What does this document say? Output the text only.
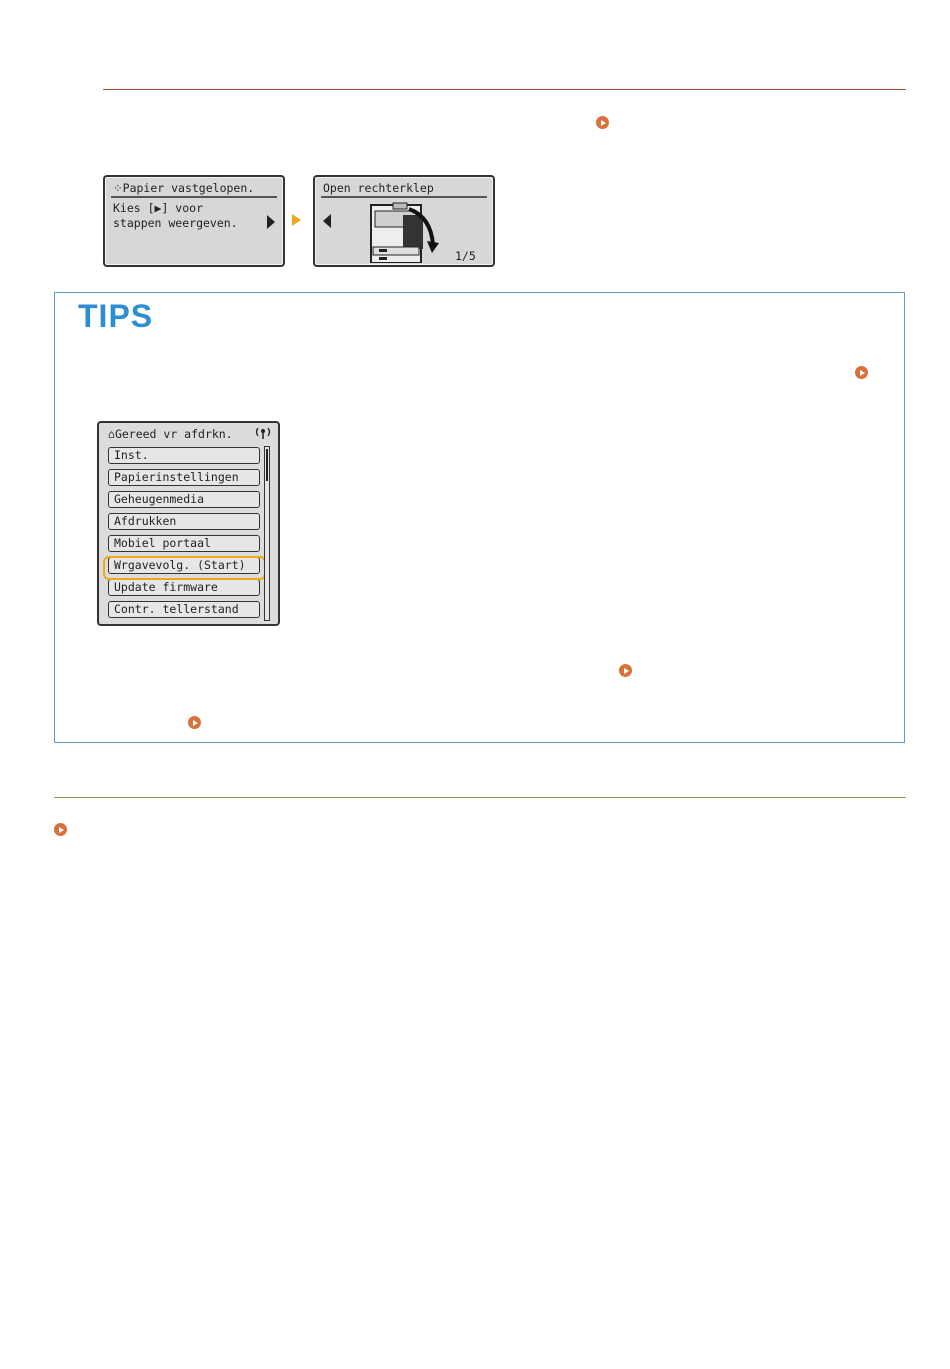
⁘Papier vastgelopen.
Kies [▶] voor
stappen weergeven.
Open rechterklep
1/5
TIPS
⌂Gereed vr afdrkn.
Inst.
Papierinstellingen
Geheugenmedia
Afdrukken
Mobiel portaal
Wrgavevolg. (Start)
Update firmware
Contr. tellerstand
